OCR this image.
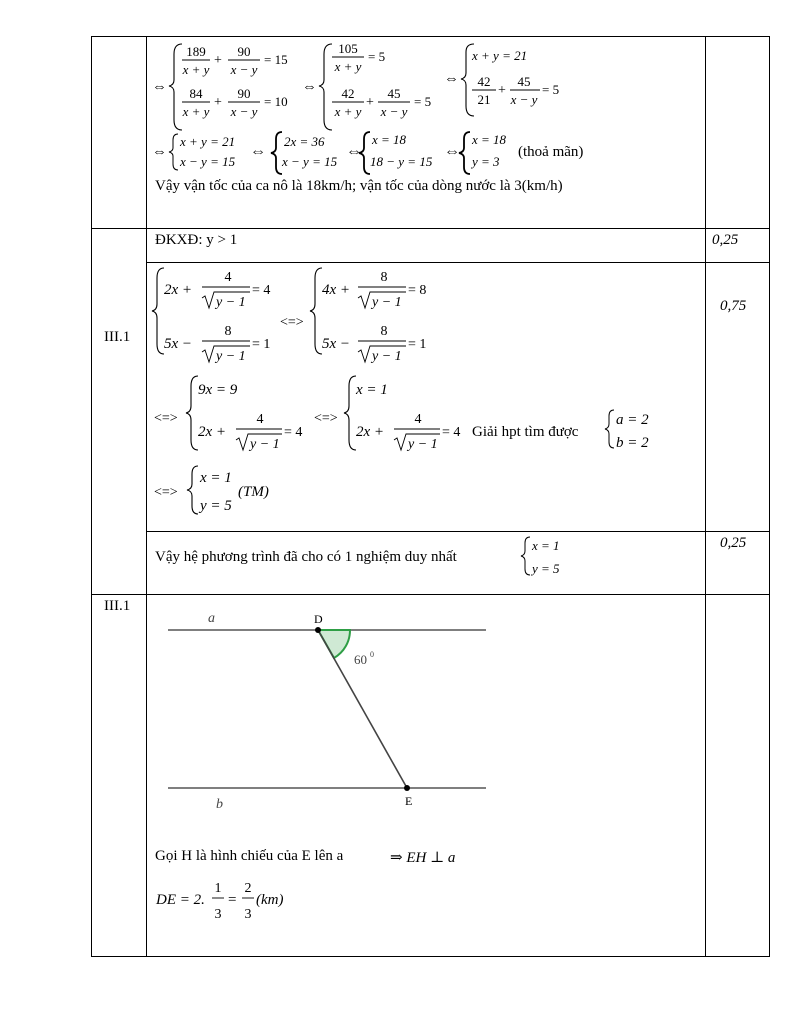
⇔
189
x + y
+
90
x − y
= 15
84
x + y
+
90
x − y
= 10
⇔
105
x + y
= 5
42
x + y
+
45
x − y
= 5
⇔
x + y = 21
42
21
+
45
x − y
= 5
⇔
x + y = 21
x − y = 15
⇔
2x = 36
x − y = 15
⇔
x = 18
18 − y = 15
⇔
x = 18
y = 3
(thoả mãn)
Vậy vận tốc của ca nô là 18km/h; vận tốc của dòng nước là 3(km/h)
III.1
ĐKXĐ: y > 1	0,25
0,75
0,25
2x +
4
y − 1
= 4
5x −
8
y − 1
= 1
<=>
4x +
8
y − 1
= 8
5x −
8
y − 1
= 1
<=>
9x = 9
2x +
4
y − 1
= 4
<=>
x = 1
2x +
4
y − 1
= 4 Giải hpt tìm được
a = 2
b = 2
<=>
x = 1
y = 5
(TM)
Vậy hệ phương trình đã cho có 1 nghiệm duy nhất
x = 1
y = 5
III.1
a
b
D
E
60 0
Gọi H là hình chiếu của E lên a	⇒ EH ⊥ a
DE = 2.
1
3
=
2
3
(km)
